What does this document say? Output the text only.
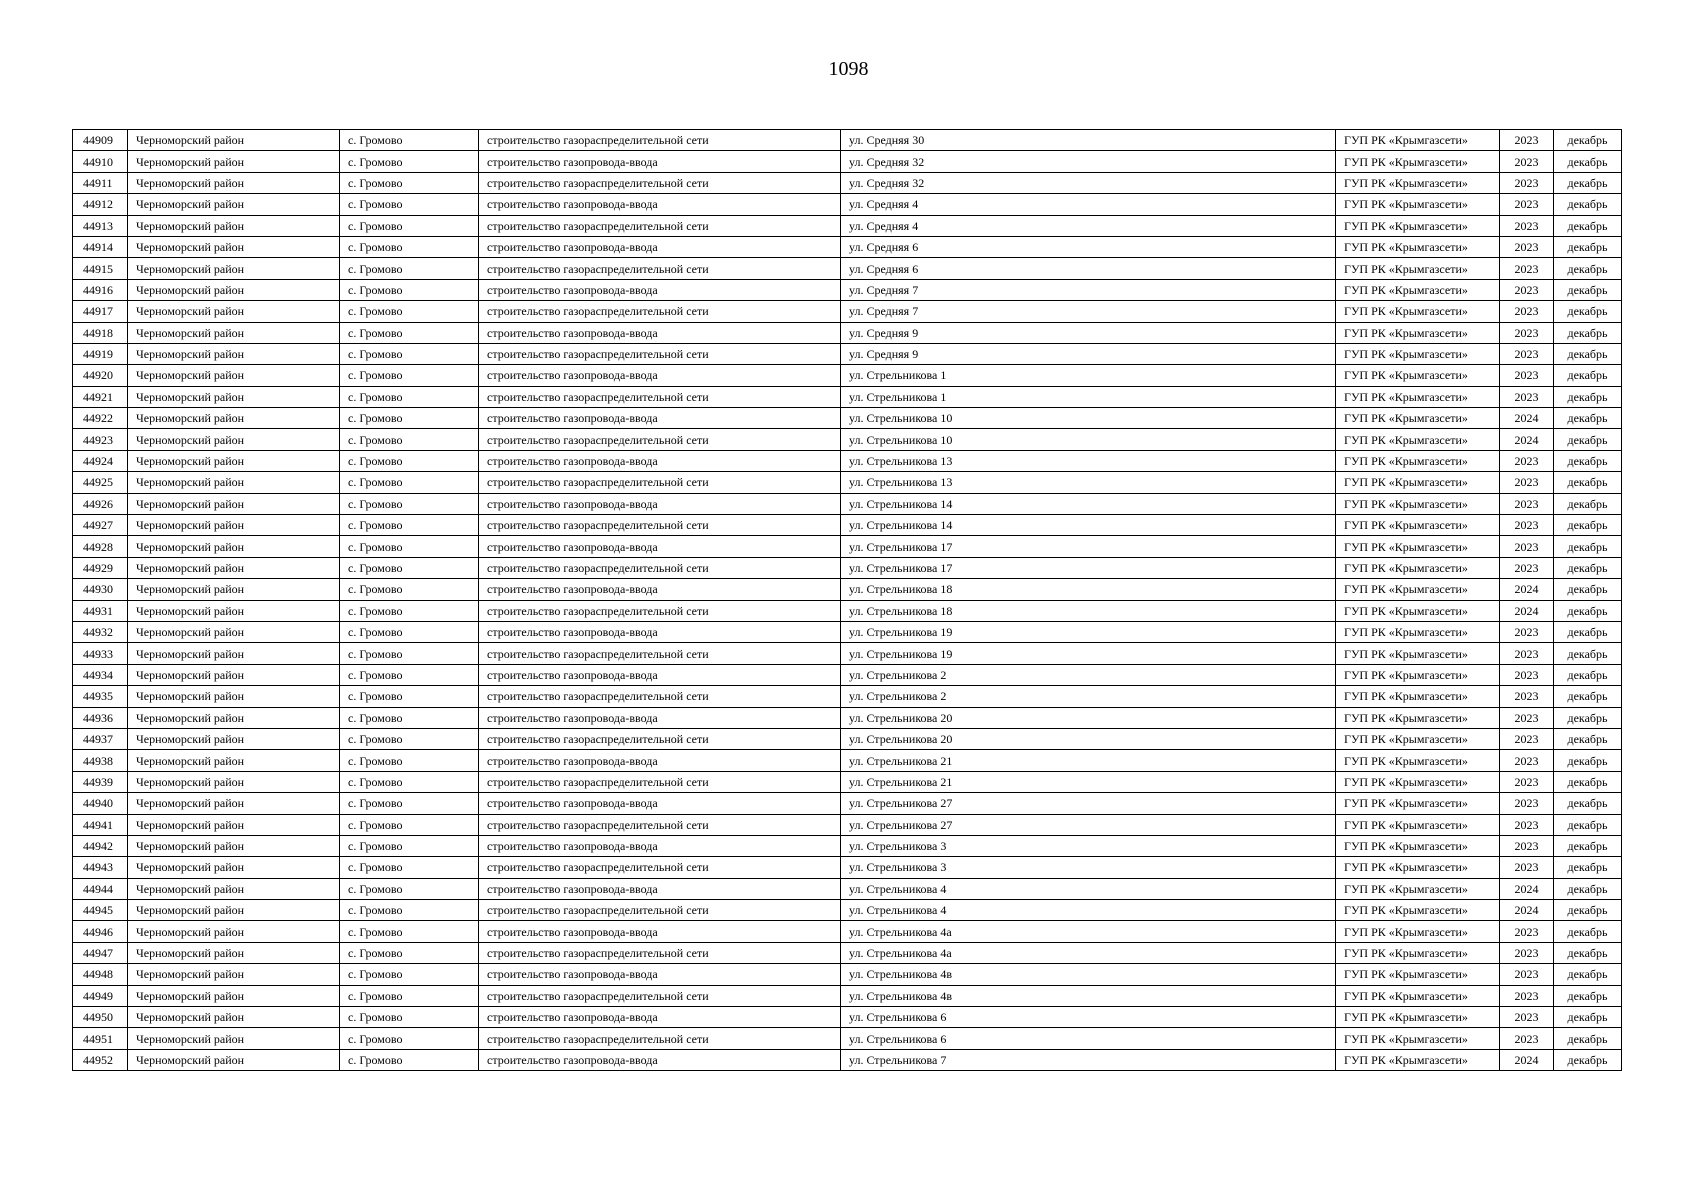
1098
44909	Черноморский район	с. Громово	строительство газораспределительной сети	ул. Средняя 30	ГУП РК «Крымгазсети»	2023	декабрь
44910	Черноморский район	с. Громово	строительство газопровода-ввода	ул. Средняя 32	ГУП РК «Крымгазсети»	2023	декабрь
44911	Черноморский район	с. Громово	строительство газораспределительной сети	ул. Средняя 32	ГУП РК «Крымгазсети»	2023	декабрь
44912	Черноморский район	с. Громово	строительство газопровода-ввода	ул. Средняя 4	ГУП РК «Крымгазсети»	2023	декабрь
44913	Черноморский район	с. Громово	строительство газораспределительной сети	ул. Средняя 4	ГУП РК «Крымгазсети»	2023	декабрь
44914	Черноморский район	с. Громово	строительство газопровода-ввода	ул. Средняя 6	ГУП РК «Крымгазсети»	2023	декабрь
44915	Черноморский район	с. Громово	строительство газораспределительной сети	ул. Средняя 6	ГУП РК «Крымгазсети»	2023	декабрь
44916	Черноморский район	с. Громово	строительство газопровода-ввода	ул. Средняя 7	ГУП РК «Крымгазсети»	2023	декабрь
44917	Черноморский район	с. Громово	строительство газораспределительной сети	ул. Средняя 7	ГУП РК «Крымгазсети»	2023	декабрь
44918	Черноморский район	с. Громово	строительство газопровода-ввода	ул. Средняя 9	ГУП РК «Крымгазсети»	2023	декабрь
44919	Черноморский район	с. Громово	строительство газораспределительной сети	ул. Средняя 9	ГУП РК «Крымгазсети»	2023	декабрь
44920	Черноморский район	с. Громово	строительство газопровода-ввода	ул. Стрельникова 1	ГУП РК «Крымгазсети»	2023	декабрь
44921	Черноморский район	с. Громово	строительство газораспределительной сети	ул. Стрельникова 1	ГУП РК «Крымгазсети»	2023	декабрь
44922	Черноморский район	с. Громово	строительство газопровода-ввода	ул. Стрельникова 10	ГУП РК «Крымгазсети»	2024	декабрь
44923	Черноморский район	с. Громово	строительство газораспределительной сети	ул. Стрельникова 10	ГУП РК «Крымгазсети»	2024	декабрь
44924	Черноморский район	с. Громово	строительство газопровода-ввода	ул. Стрельникова 13	ГУП РК «Крымгазсети»	2023	декабрь
44925	Черноморский район	с. Громово	строительство газораспределительной сети	ул. Стрельникова 13	ГУП РК «Крымгазсети»	2023	декабрь
44926	Черноморский район	с. Громово	строительство газопровода-ввода	ул. Стрельникова 14	ГУП РК «Крымгазсети»	2023	декабрь
44927	Черноморский район	с. Громово	строительство газораспределительной сети	ул. Стрельникова 14	ГУП РК «Крымгазсети»	2023	декабрь
44928	Черноморский район	с. Громово	строительство газопровода-ввода	ул. Стрельникова 17	ГУП РК «Крымгазсети»	2023	декабрь
44929	Черноморский район	с. Громово	строительство газораспределительной сети	ул. Стрельникова 17	ГУП РК «Крымгазсети»	2023	декабрь
44930	Черноморский район	с. Громово	строительство газопровода-ввода	ул. Стрельникова 18	ГУП РК «Крымгазсети»	2024	декабрь
44931	Черноморский район	с. Громово	строительство газораспределительной сети	ул. Стрельникова 18	ГУП РК «Крымгазсети»	2024	декабрь
44932	Черноморский район	с. Громово	строительство газопровода-ввода	ул. Стрельникова 19	ГУП РК «Крымгазсети»	2023	декабрь
44933	Черноморский район	с. Громово	строительство газораспределительной сети	ул. Стрельникова 19	ГУП РК «Крымгазсети»	2023	декабрь
44934	Черноморский район	с. Громово	строительство газопровода-ввода	ул. Стрельникова 2	ГУП РК «Крымгазсети»	2023	декабрь
44935	Черноморский район	с. Громово	строительство газораспределительной сети	ул. Стрельникова 2	ГУП РК «Крымгазсети»	2023	декабрь
44936	Черноморский район	с. Громово	строительство газопровода-ввода	ул. Стрельникова 20	ГУП РК «Крымгазсети»	2023	декабрь
44937	Черноморский район	с. Громово	строительство газораспределительной сети	ул. Стрельникова 20	ГУП РК «Крымгазсети»	2023	декабрь
44938	Черноморский район	с. Громово	строительство газопровода-ввода	ул. Стрельникова 21	ГУП РК «Крымгазсети»	2023	декабрь
44939	Черноморский район	с. Громово	строительство газораспределительной сети	ул. Стрельникова 21	ГУП РК «Крымгазсети»	2023	декабрь
44940	Черноморский район	с. Громово	строительство газопровода-ввода	ул. Стрельникова 27	ГУП РК «Крымгазсети»	2023	декабрь
44941	Черноморский район	с. Громово	строительство газораспределительной сети	ул. Стрельникова 27	ГУП РК «Крымгазсети»	2023	декабрь
44942	Черноморский район	с. Громово	строительство газопровода-ввода	ул. Стрельникова 3	ГУП РК «Крымгазсети»	2023	декабрь
44943	Черноморский район	с. Громово	строительство газораспределительной сети	ул. Стрельникова 3	ГУП РК «Крымгазсети»	2023	декабрь
44944	Черноморский район	с. Громово	строительство газопровода-ввода	ул. Стрельникова 4	ГУП РК «Крымгазсети»	2024	декабрь
44945	Черноморский район	с. Громово	строительство газораспределительной сети	ул. Стрельникова 4	ГУП РК «Крымгазсети»	2024	декабрь
44946	Черноморский район	с. Громово	строительство газопровода-ввода	ул. Стрельникова 4а	ГУП РК «Крымгазсети»	2023	декабрь
44947	Черноморский район	с. Громово	строительство газораспределительной сети	ул. Стрельникова 4а	ГУП РК «Крымгазсети»	2023	декабрь
44948	Черноморский район	с. Громово	строительство газопровода-ввода	ул. Стрельникова 4в	ГУП РК «Крымгазсети»	2023	декабрь
44949	Черноморский район	с. Громово	строительство газораспределительной сети	ул. Стрельникова 4в	ГУП РК «Крымгазсети»	2023	декабрь
44950	Черноморский район	с. Громово	строительство газопровода-ввода	ул. Стрельникова 6	ГУП РК «Крымгазсети»	2023	декабрь
44951	Черноморский район	с. Громово	строительство газораспределительной сети	ул. Стрельникова 6	ГУП РК «Крымгазсети»	2023	декабрь
44952	Черноморский район	с. Громово	строительство газопровода-ввода	ул. Стрельникова 7	ГУП РК «Крымгазсети»	2024	декабрь
